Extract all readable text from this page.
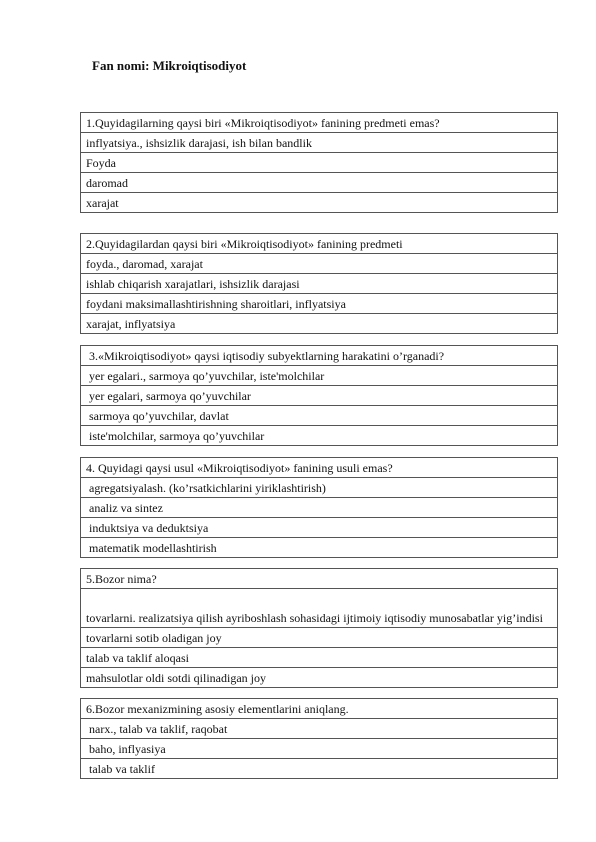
Fan nomi: Mikroiqtisodiyot
1.Quyidagilarning qaysi biri «Mikroiqtisodiyot» fanining predmeti emas?
inflyatsiya., ishsizlik darajasi, ish bilan bandlik
Foyda
daromad
xarajat
2.Quyidagilardan qaysi biri «Mikroiqtisodiyot» fanining predmeti
foyda., daromad, xarajat
ishlab chiqarish xarajatlari, ishsizlik darajasi
foydani maksimallashtirishning sharoitlari, inflyatsiya
xarajat, inflyatsiya
3.«Mikroiqtisodiyot» qaysi iqtisodiy subyektlarning harakatini o’rganadi?
yer egalari., sarmoya qo’yuvchilar, iste'molchilar
yer egalari, sarmoya qo’yuvchilar
sarmoya qo’yuvchilar, davlat
iste'molchilar, sarmoya qo’yuvchilar
4. Quyidagi qaysi usul «Mikroiqtisodiyot» fanining usuli emas?
agregatsiyalash. (ko’rsatkichlarini yiriklashtirish)
analiz va sintez
induktsiya va deduktsiya
matematik modellashtirish
5.Bozor nima?
tovarlarni. realizatsiya qilish ayriboshlash sohasidagi ijtimoiy iqtisodiy munosabatlar yig’indisi
tovarlarni sotib oladigan joy
talab va taklif aloqasi
mahsulotlar oldi sotdi qilinadigan joy
6.Bozor mexanizmining asosiy elementlarini aniqlang.
narx., talab va taklif, raqobat
baho, inflyasiya
talab va taklif
